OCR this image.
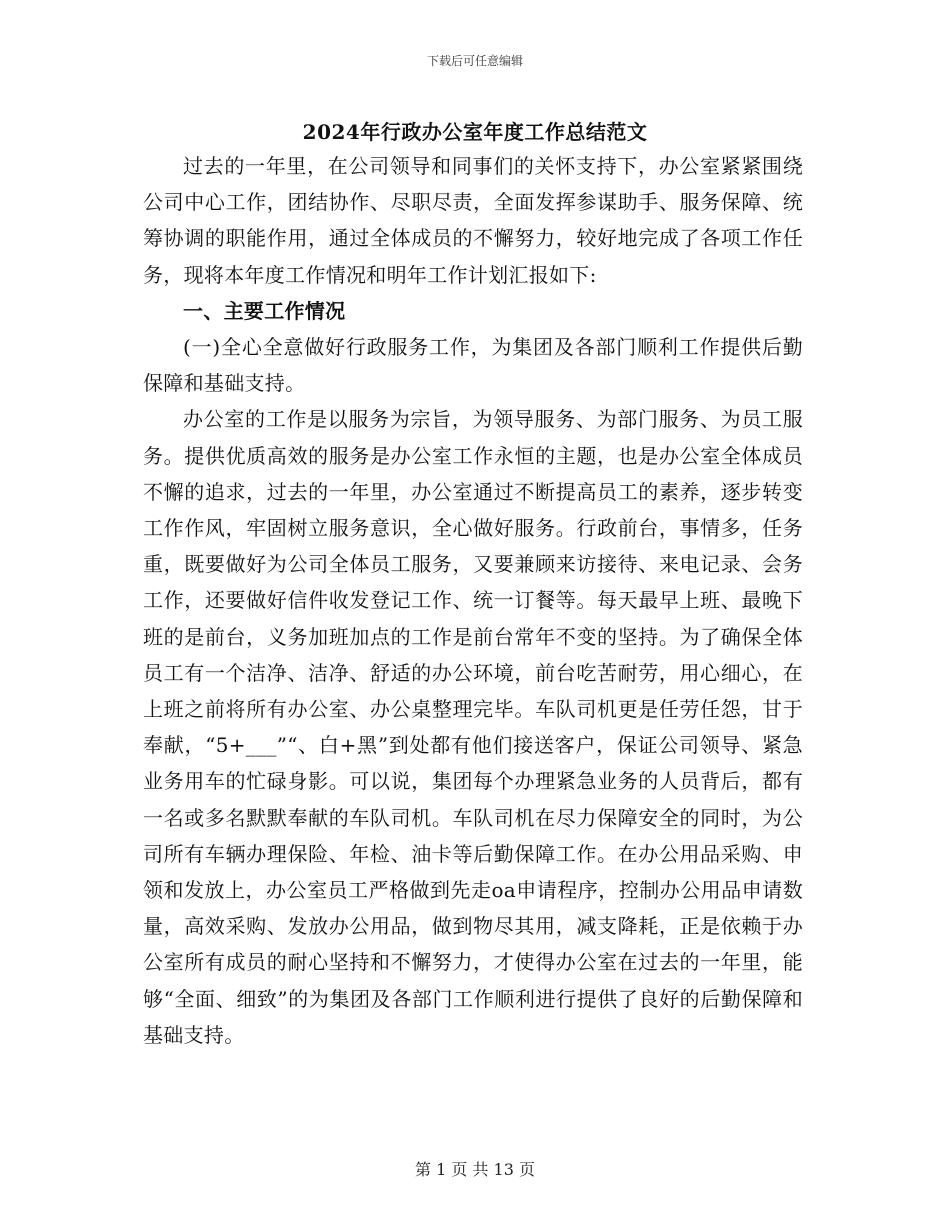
下载后可任意编辑
2024年行政办公室年度工作总结范文

过去的一年里，在公司领导和同事们的关怀支持下，办公室紧紧围绕公司中心工作，团结协作、尽职尽责，全面发挥参谋助手、服务保障、统筹协调的职能作用，通过全体成员的不懈努力，较好地完成了各项工作任务，现将本年度工作情况和明年工作计划汇报如下:

一、主要工作情况

(一)全心全意做好行政服务工作，为集团及各部门顺利工作提供后勤保障和基础支持。

办公室的工作是以服务为宗旨，为领导服务、为部门服务、为员工服务。提供优质高效的服务是办公室工作永恒的主题，也是办公室全体成员不懈的追求，过去的一年里，办公室通过不断提高员工的素养，逐步转变工作作风，牢固树立服务意识，全心做好服务。行政前台，事情多，任务重，既要做好为公司全体员工服务，又要兼顾来访接待、来电记录、会务工作，还要做好信件收发登记工作、统一订餐等。每天最早上班、最晚下班的是前台，义务加班加点的工作是前台常年不变的坚持。为了确保全体员工有一个洁净、洁净、舒适的办公环境，前台吃苦耐劳，用心细心，在上班之前将所有办公室、办公桌整理完毕。车队司机更是任劳任怨，甘于奉献，“5+___”“、白+黑”到处都有他们接送客户，保证公司领导、紧急业务用车的忙碌身影。可以说，集团每个办理紧急业务的人员背后，都有一名或多名默默奉献的车队司机。车队司机在尽力保障安全的同时，为公司所有车辆办理保险、年检、油卡等后勤保障工作。在办公用品采购、申领和发放上，办公室员工严格做到先走oa申请程序，控制办公用品申请数量，高效采购、发放办公用品，做到物尽其用，减支降耗，正是依赖于办公室所有成员的耐心坚持和不懈努力，才使得办公室在过去的一年里，能够“全面、细致”的为集团及各部门工作顺利进行提供了良好的后勤保障和基础支持。

第 1 页 共 13 页
